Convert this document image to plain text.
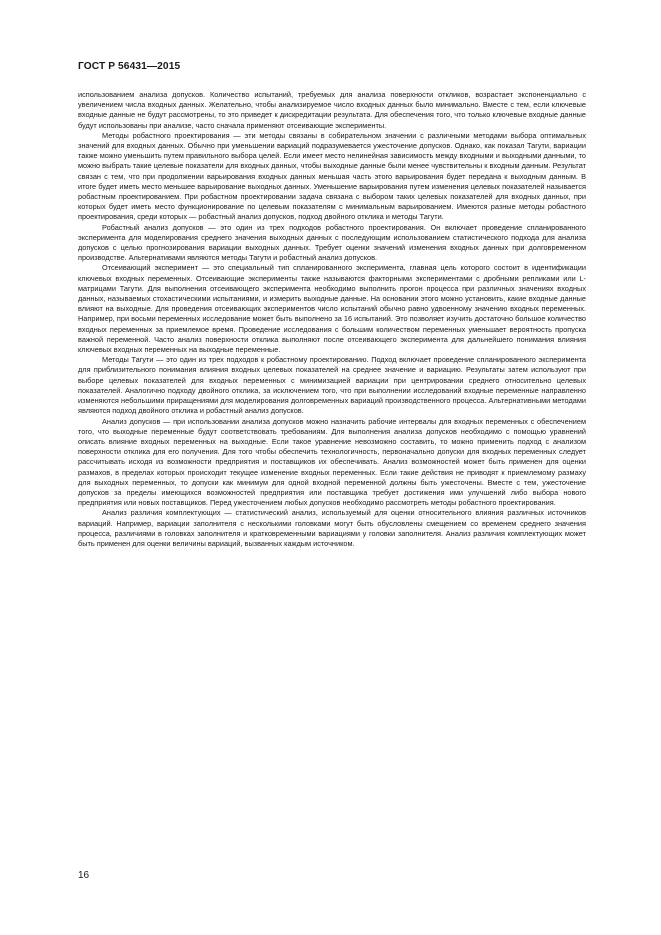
ГОСТ Р 56431—2015

использованием анализа допусков. Количество испытаний, требуемых для анализа поверхности откликов, возрастает экспоненциально с увеличением числа входных данных. Желательно, чтобы анализируемое число входных данных было минимально. Вместе с тем, если ключевые входные данные не будут рассмотрены, то это приведет к дискредитации результата. Для обеспечения того, что только ключевые входные данные будут использованы при анализе, часто сначала применяют отсеивающие эксперименты.

Методы робастного проектирования — эти методы связаны в собирательном значении с различными методами выбора оптимальных значений для входных данных. Обычно при уменьшении вариаций подразумевается ужесточение допусков. Однако, как показал Тагути, вариации также можно уменьшить путем правильного выбора целей. Если имеет место нелинейная зависимость между входными и выходными данными, то можно выбрать такие целевые показатели для входных данных, чтобы выходные данные были менее чувствительны к входным данным. Результат связан с тем, что при продолжении варьирования входных данных меньшая часть этого варьирования будет передана к выходным данным. В итоге будет иметь место меньшее варьирование выходных данных. Уменьшение варьирования путем изменения целевых показателей называется робастным проектированием. При робастном проектировании задача связана с выбором таких целевых показателей для входных данных, при которых будет иметь место функционирование по целевым показателям с минимальным варьированием. Имеются разные методы робастного проектирования, среди которых — робастный анализ допусков, подход двойного отклика и методы Тагути.

Робастный анализ допусков — это один из трех подходов робастного проектирования. Он включает проведение спланированного эксперимента для моделирования среднего значения выходных данных с последующим использованием статистического подхода для анализа допусков с целью прогнозирования вариации выходных данных. Требует оценки значений изменения входных данных при долговременном производстве. Альтернативами являются методы Тагути и робастный анализ допусков.

Отсеивающий эксперимент — это специальный тип спланированного эксперимента, главная цель которого состоит в идентификации ключевых входных переменных. Отсеивающие эксперименты также называются факторными экспериментами с дробными репликами или L-матрицами Тагути. Для выполнения отсеивающего эксперимента необходимо выполнить прогон процесса при различных значениях входных данных, называемых стохастическими испытаниями, и измерить выходные данные. На основании этого можно установить, какие входные данные влияют на выходные. Для проведения отсеивающих экспериментов число испытаний обычно равно удвоенному значению входных переменных. Например, при восьми переменных исследование может быть выполнено за 16 испытаний. Это позволяет изучить достаточно большое количество входных переменных за приемлемое время. Проведение исследования с большим количеством переменных уменьшает вероятность пропуска важной переменной. Часто анализ поверхности отклика выполняют после отсеивающего эксперимента для дальнейшего понимания влияния ключевых входных переменных на выходные переменные.

Методы Тагути — это один из трех подходов к робастному проектированию. Подход включает проведение спланированного эксперимента для приблизительного понимания влияния входных целевых показателей на среднее значение и вариацию. Результаты затем используют при выборе целевых показателей для входных переменных с минимизацией вариации при центрировании среднего относительно целевых показателей. Аналогично подходу двойного отклика, за исключением того, что при выполнении исследований входные переменные направленно изменяются небольшими приращениями для моделирования долговременных вариаций производственного процесса. Альтернативными методами являются подход двойного отклика и робастный анализ допусков.

Анализ допусков — при использовании анализа допусков можно назначить рабочие интервалы для входных переменных с обеспечением того, что выходные переменные будут соответствовать требованиям. Для выполнения анализа допусков необходимо с помощью уравнений описать влияние входных переменных на выходные. Если такое уравнение невозможно составить, то можно применить подход с анализом поверхности отклика для его получения. Для того чтобы обеспечить технологичность, первоначально допуски для входных переменных следует рассчитывать исходя из возможности предприятия и поставщиков их обеспечивать. Анализ возможностей может быть применен для оценки размахов, в пределах которых происходит текущее изменение входных переменных. Если такие действия не приводят к приемлемому размаху для выходных переменных, то допуски как минимум для одной входной переменной должны быть ужесточены. Вместе с тем, ужесточение допусков за пределы имеющихся возможностей предприятия или поставщика требует достижения ими улучшений либо выбора нового предприятия или новых поставщиков. Перед ужесточением любых допусков необходимо рассмотреть методы робастного проектирования.

Анализ различия комплектующих — статистический анализ, используемый для оценки относительного влияния различных источников вариаций. Например, вариации заполнителя с несколькими головками могут быть обусловлены смещением со временем среднего значения процесса, различиями в головках заполнителя и кратковременными вариациями у головки заполнителя. Анализ различия комплектующих может быть применен для оценки величины вариаций, вызванных каждым источником.

16
